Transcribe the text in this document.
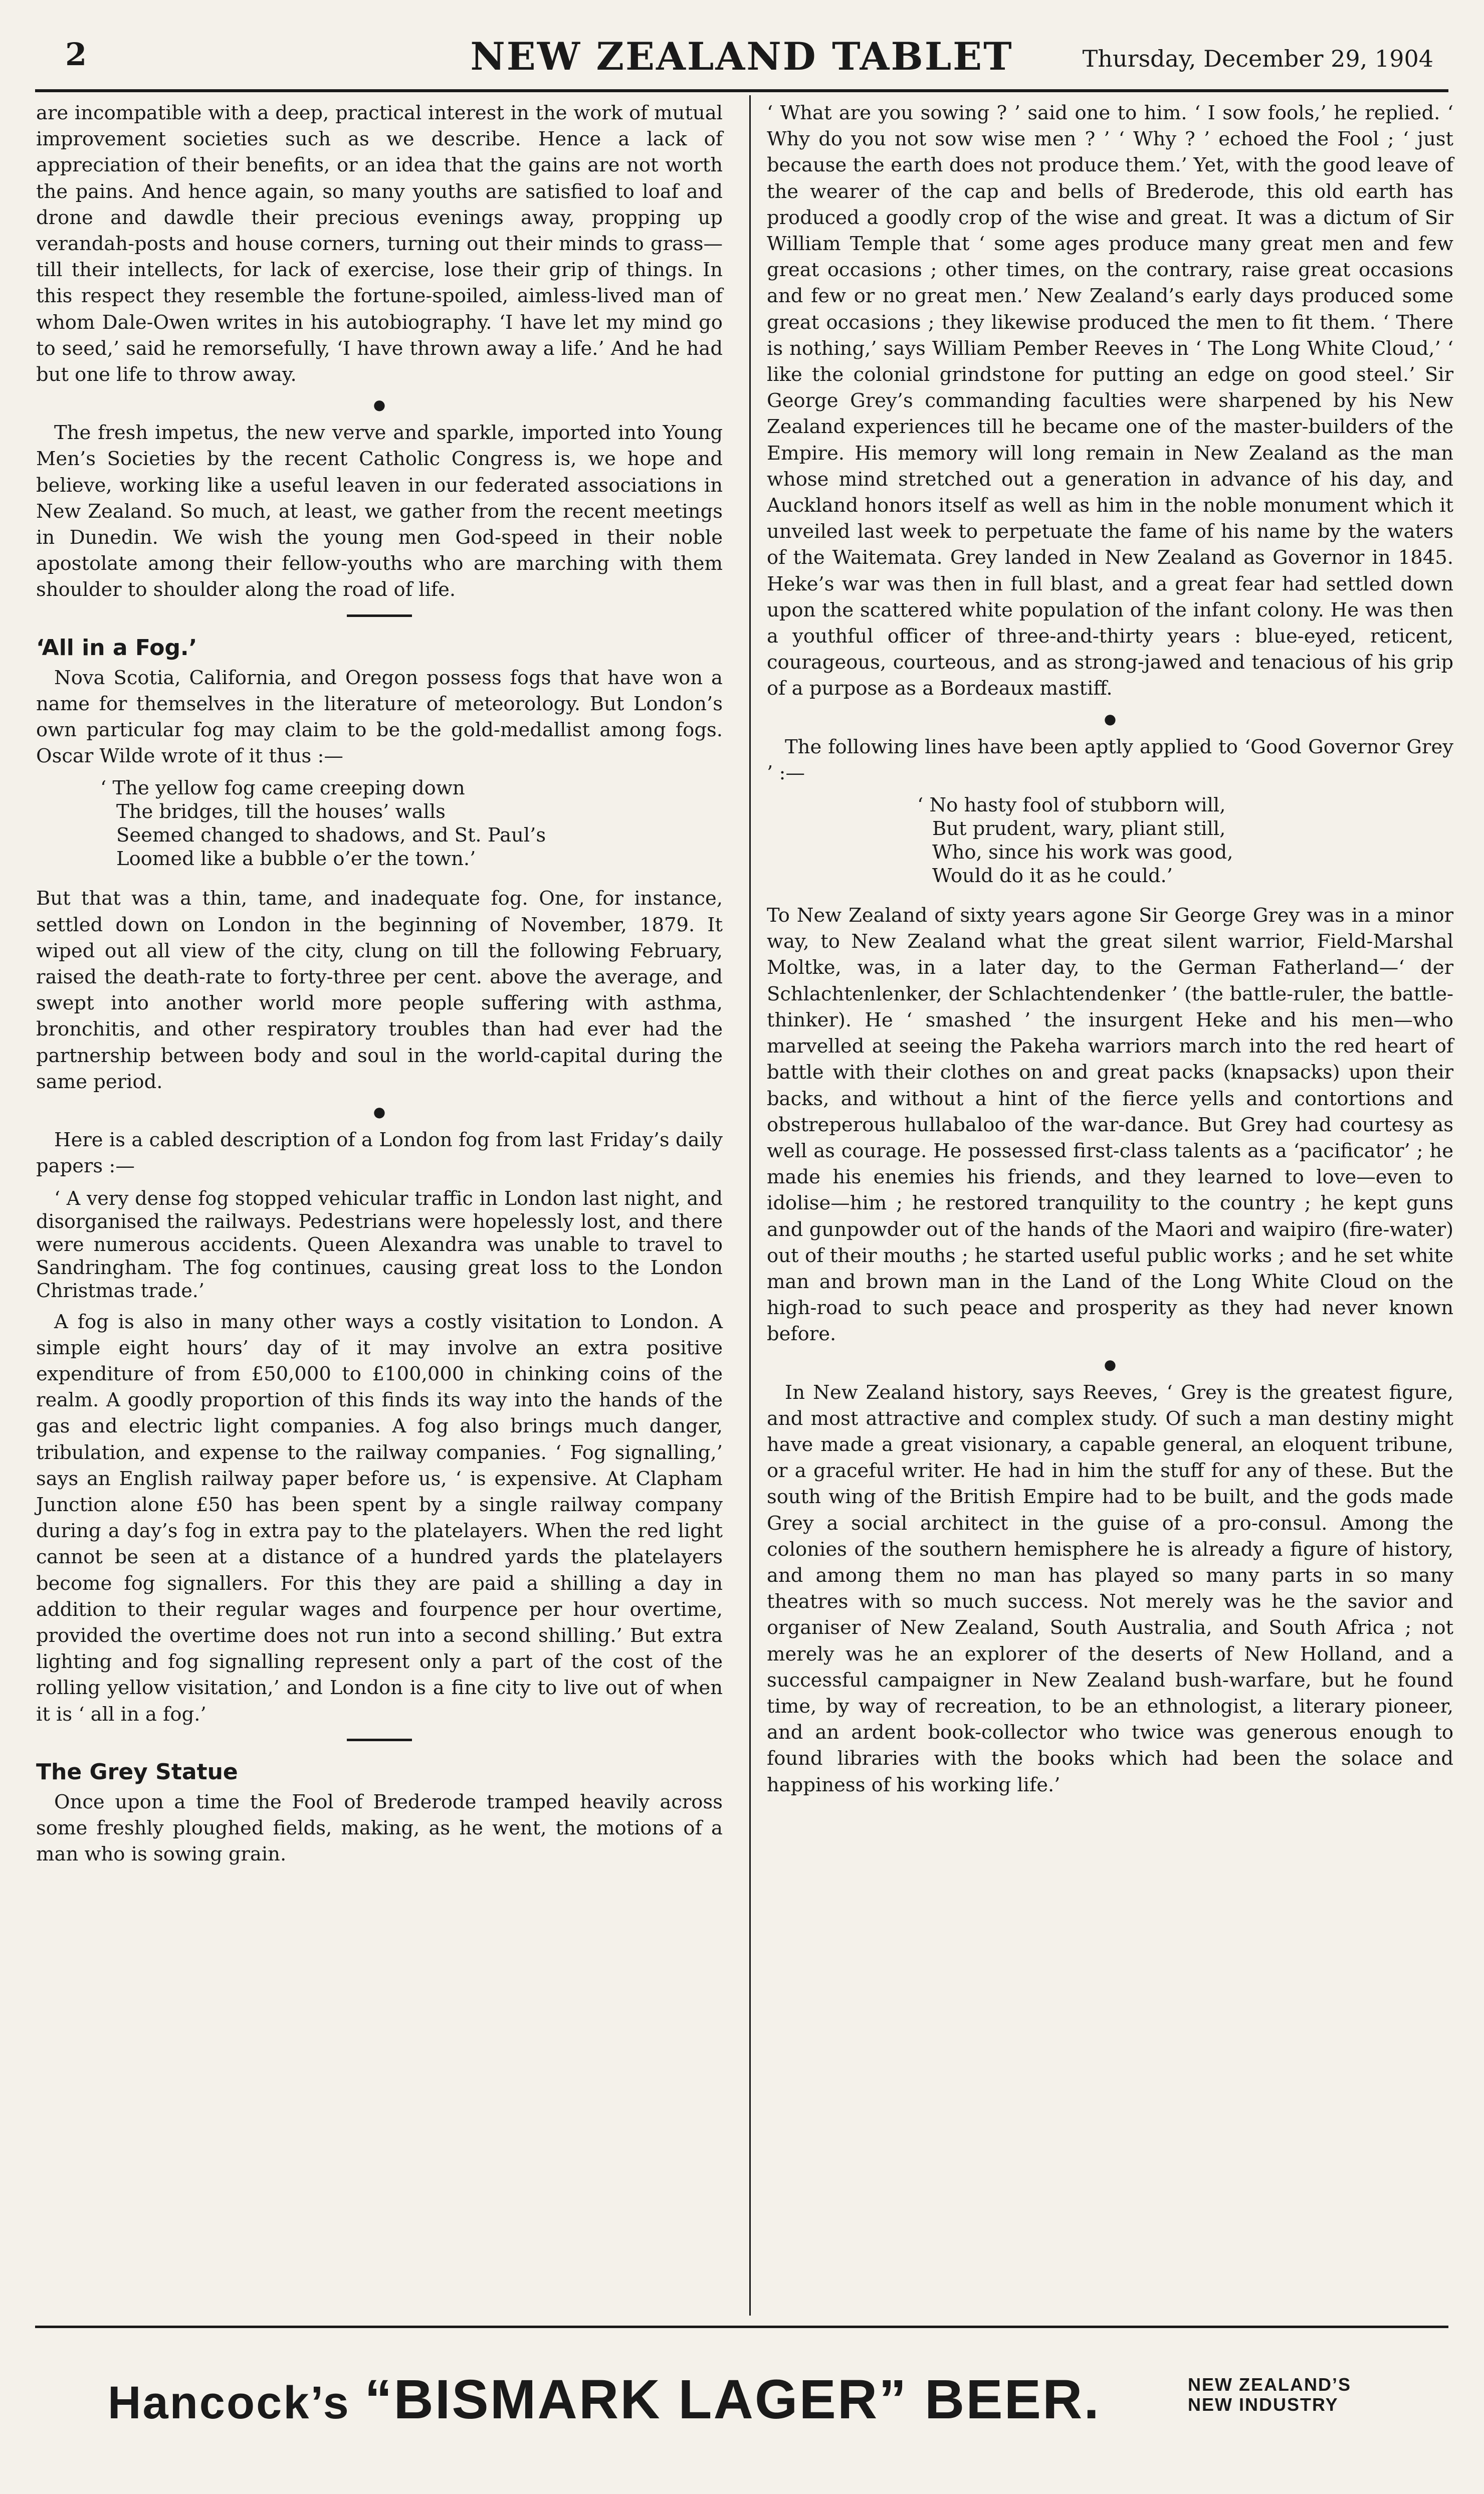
2	NEW ZEALAND TABLET	Thursday, December 29, 1904

are incompatible with a deep, practical interest in the work of mutual improvement societies such as we describe. Hence a lack of appreciation of their benefits, or an idea that the gains are not worth the pains. And hence again, so many youths are satisfied to loaf and drone and dawdle their precious evenings away, propping up verandah-posts and house corners, turning out their minds to grass—till their intellects, for lack of exercise, lose their grip of things. In this respect they resemble the fortune-spoiled, aimless-lived man of whom Dale-Owen writes in his autobiography. ‘I have let my mind go to seed,’ said he remorsefully, ‘I have thrown away a life.’ And he had but one life to throw away.

●

The fresh impetus, the new verve and sparkle, imported into Young Men’s Societies by the recent Catholic Congress is, we hope and believe, working like a useful leaven in our federated associations in New Zealand. So much, at least, we gather from the recent meetings in Dunedin. We wish the young men God-speed in their noble apostolate among their fellow-youths who are marching with them shoulder to shoulder along the road of life.

‘All in a Fog.’

Nova Scotia, California, and Oregon possess fogs that have won a name for themselves in the literature of meteorology. But London’s own particular fog may claim to be the gold-medallist among fogs. Oscar Wilde wrote of it thus :—

‘ The yellow fog came creeping down
The bridges, till the houses’ walls
Seemed changed to shadows, and St. Paul’s
Loomed like a bubble o’er the town.’

But that was a thin, tame, and inadequate fog. One, for instance, settled down on London in the beginning of November, 1879. It wiped out all view of the city, clung on till the following February, raised the death-rate to forty-three per cent. above the average, and swept into another world more people suffering with asthma, bronchitis, and other respiratory troubles than had ever had the partnership between body and soul in the world-capital during the same period.

●

Here is a cabled description of a London fog from last Friday’s daily papers :—

‘ A very dense fog stopped vehicular traffic in London last night, and disorganised the railways. Pedestrians were hopelessly lost, and there were numerous accidents. Queen Alexandra was unable to travel to Sandringham. The fog continues, causing great loss to the London Christmas trade.’

A fog is also in many other ways a costly visitation to London. A simple eight hours’ day of it may involve an extra positive expenditure of from £50,000 to £100,000 in chinking coins of the realm. A goodly proportion of this finds its way into the hands of the gas and electric light companies. A fog also brings much danger, tribulation, and expense to the railway companies. ‘ Fog signalling,’ says an English railway paper before us, ‘ is expensive. At Clapham Junction alone £50 has been spent by a single railway company during a day’s fog in extra pay to the platelayers. When the red light cannot be seen at a distance of a hundred yards the platelayers become fog signallers. For this they are paid a shilling a day in addition to their regular wages and fourpence per hour overtime, provided the overtime does not run into a second shilling.’ But extra lighting and fog signalling represent only a part of the cost of the rolling yellow visitation,’ and London is a fine city to live out of when it is ‘ all in a fog.’

The Grey Statue

Once upon a time the Fool of Brederode tramped heavily across some freshly ploughed fields, making, as he went, the motions of a man who is sowing grain.

‘ What are you sowing ? ’ said one to him. ‘ I sow fools,’ he replied. ‘ Why do you not sow wise men ? ’ ‘ Why ? ’ echoed the Fool ; ‘ just because the earth does not produce them.’ Yet, with the good leave of the wearer of the cap and bells of Brederode, this old earth has produced a goodly crop of the wise and great. It was a dictum of Sir William Temple that ‘ some ages produce many great men and few great occasions ; other times, on the contrary, raise great occasions and few or no great men.’ New Zealand’s early days produced some great occasions ; they likewise produced the men to fit them. ‘ There is nothing,’ says William Pember Reeves in ‘ The Long White Cloud,’ ‘ like the colonial grindstone for putting an edge on good steel.’ Sir George Grey’s commanding faculties were sharpened by his New Zealand experiences till he became one of the master-builders of the Empire. His memory will long remain in New Zealand as the man whose mind stretched out a generation in advance of his day, and Auckland honors itself as well as him in the noble monument which it unveiled last week to perpetuate the fame of his name by the waters of the Waitemata. Grey landed in New Zealand as Governor in 1845. Heke’s war was then in full blast, and a great fear had settled down upon the scattered white population of the infant colony. He was then a youthful officer of three-and-thirty years : blue-eyed, reticent, courageous, courteous, and as strong-jawed and tenacious of his grip of a purpose as a Bordeaux mastiff.

●

The following lines have been aptly applied to ‘Good Governor Grey ’ :—

‘ No hasty fool of stubborn will,
But prudent, wary, pliant still,
Who, since his work was good,
Would do it as he could.’

To New Zealand of sixty years agone Sir George Grey was in a minor way, to New Zealand what the great silent warrior, Field-Marshal Moltke, was, in a later day, to the German Fatherland—‘ der Schlachtenlenker, der Schlachtendenker ’ (the battle-ruler, the battle-thinker). He ‘ smashed ’ the insurgent Heke and his men—who marvelled at seeing the Pakeha warriors march into the red heart of battle with their clothes on and great packs (knapsacks) upon their backs, and without a hint of the fierce yells and contortions and obstreperous hullabaloo of the war-dance. But Grey had courtesy as well as courage. He possessed first-class talents as a ‘pacificator’ ; he made his enemies his friends, and they learned to love—even to idolise—him ; he restored tranquility to the country ; he kept guns and gunpowder out of the hands of the Maori and waipiro (fire-water) out of their mouths ; he started useful public works ; and he set white man and brown man in the Land of the Long White Cloud on the high-road to such peace and prosperity as they had never known before.

●

In New Zealand history, says Reeves, ‘ Grey is the greatest figure, and most attractive and complex study. Of such a man destiny might have made a great visionary, a capable general, an eloquent tribune, or a graceful writer. He had in him the stuff for any of these. But the south wing of the British Empire had to be built, and the gods made Grey a social architect in the guise of a pro-consul. Among the colonies of the southern hemisphere he is already a figure of history, and among them no man has played so many parts in so many theatres with so much success. Not merely was he the savior and organiser of New Zealand, South Australia, and South Africa ; not merely was he an explorer of the deserts of New Holland, and a successful campaigner in New Zealand bush-warfare, but he found time, by way of recreation, to be an ethnologist, a literary pioneer, and an ardent book-collector who twice was generous enough to found libraries with the books which had been the solace and happiness of his working life.’

Hancock’s “BISMARK LAGER” BEER.	NEW ZEALAND’S
NEW INDUSTRY
